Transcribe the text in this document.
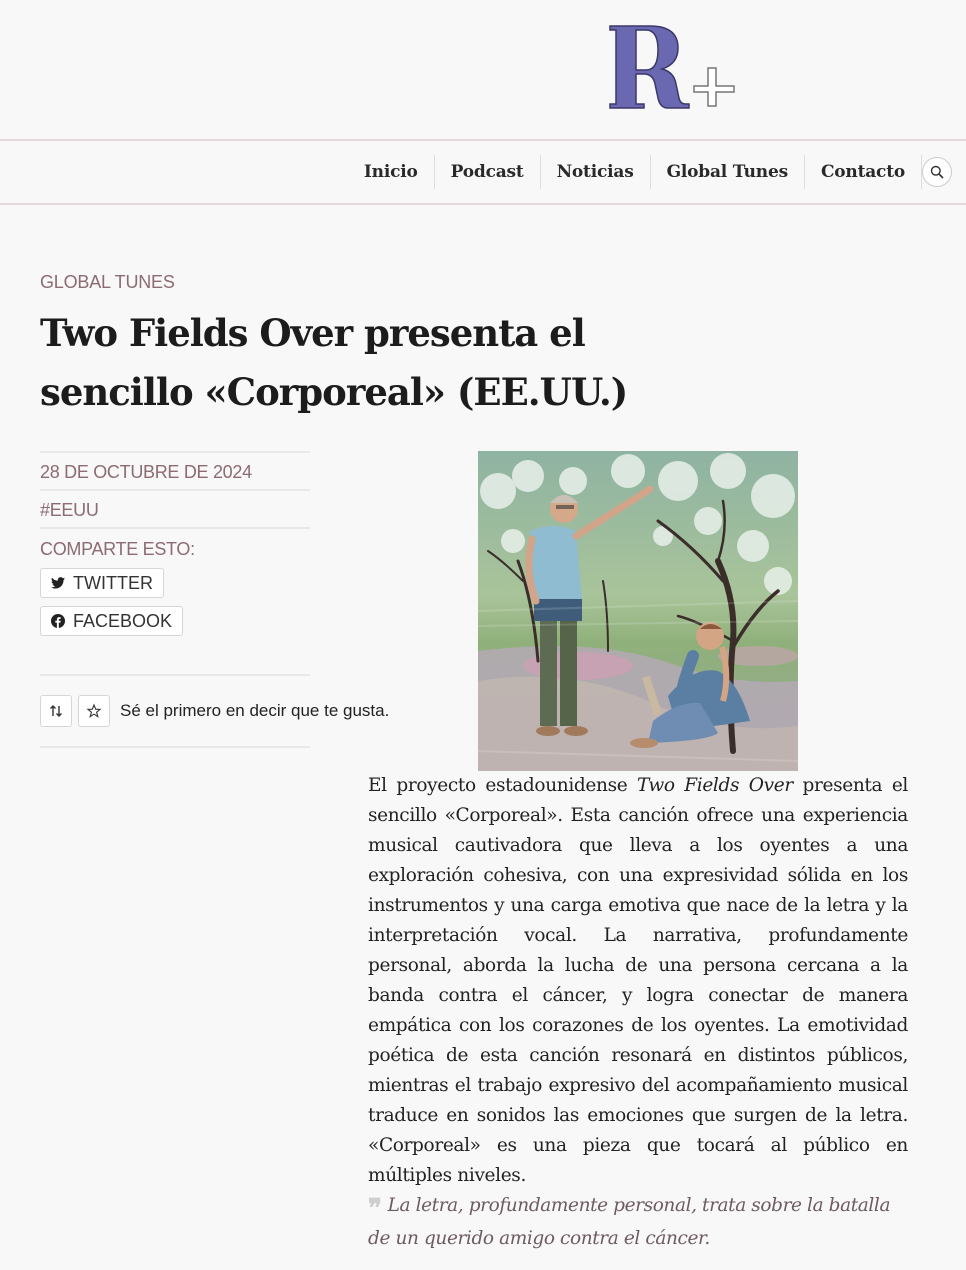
Inicio	Podcast	Noticias	Global Tunes	Contacto
GLOBAL TUNES
Two Fields Over presenta el sencillo «Corporeal» (EE.UU.)
28 DE OCTUBRE DE 2024
#EEUU
COMPARTE ESTO:
TWITTER
FACEBOOK
Sé el primero en decir que te gusta.

El proyecto estadounidense Two Fields Over presenta el sencillo «Corporeal». Esta canción ofrece una experiencia musical cautivadora que lleva a los oyentes a una exploración cohesiva, con una expresividad sólida en los instrumentos y una carga emotiva que nace de la letra y la interpretación vocal. La narrativa, profundamente personal, aborda la lucha de una persona cercana a la banda contra el cáncer, y logra conectar de manera empática con los corazones de los oyentes. La emotividad poética de esta canción resonará en distintos públicos, mientras el trabajo expresivo del acompañamiento musical traduce en sonidos las emociones que surgen de la letra. «Corporeal» es una pieza que tocará al público en múltiples niveles.

❞ La letra, profundamente personal, trata sobre la batalla de un querido amigo contra el cáncer.
